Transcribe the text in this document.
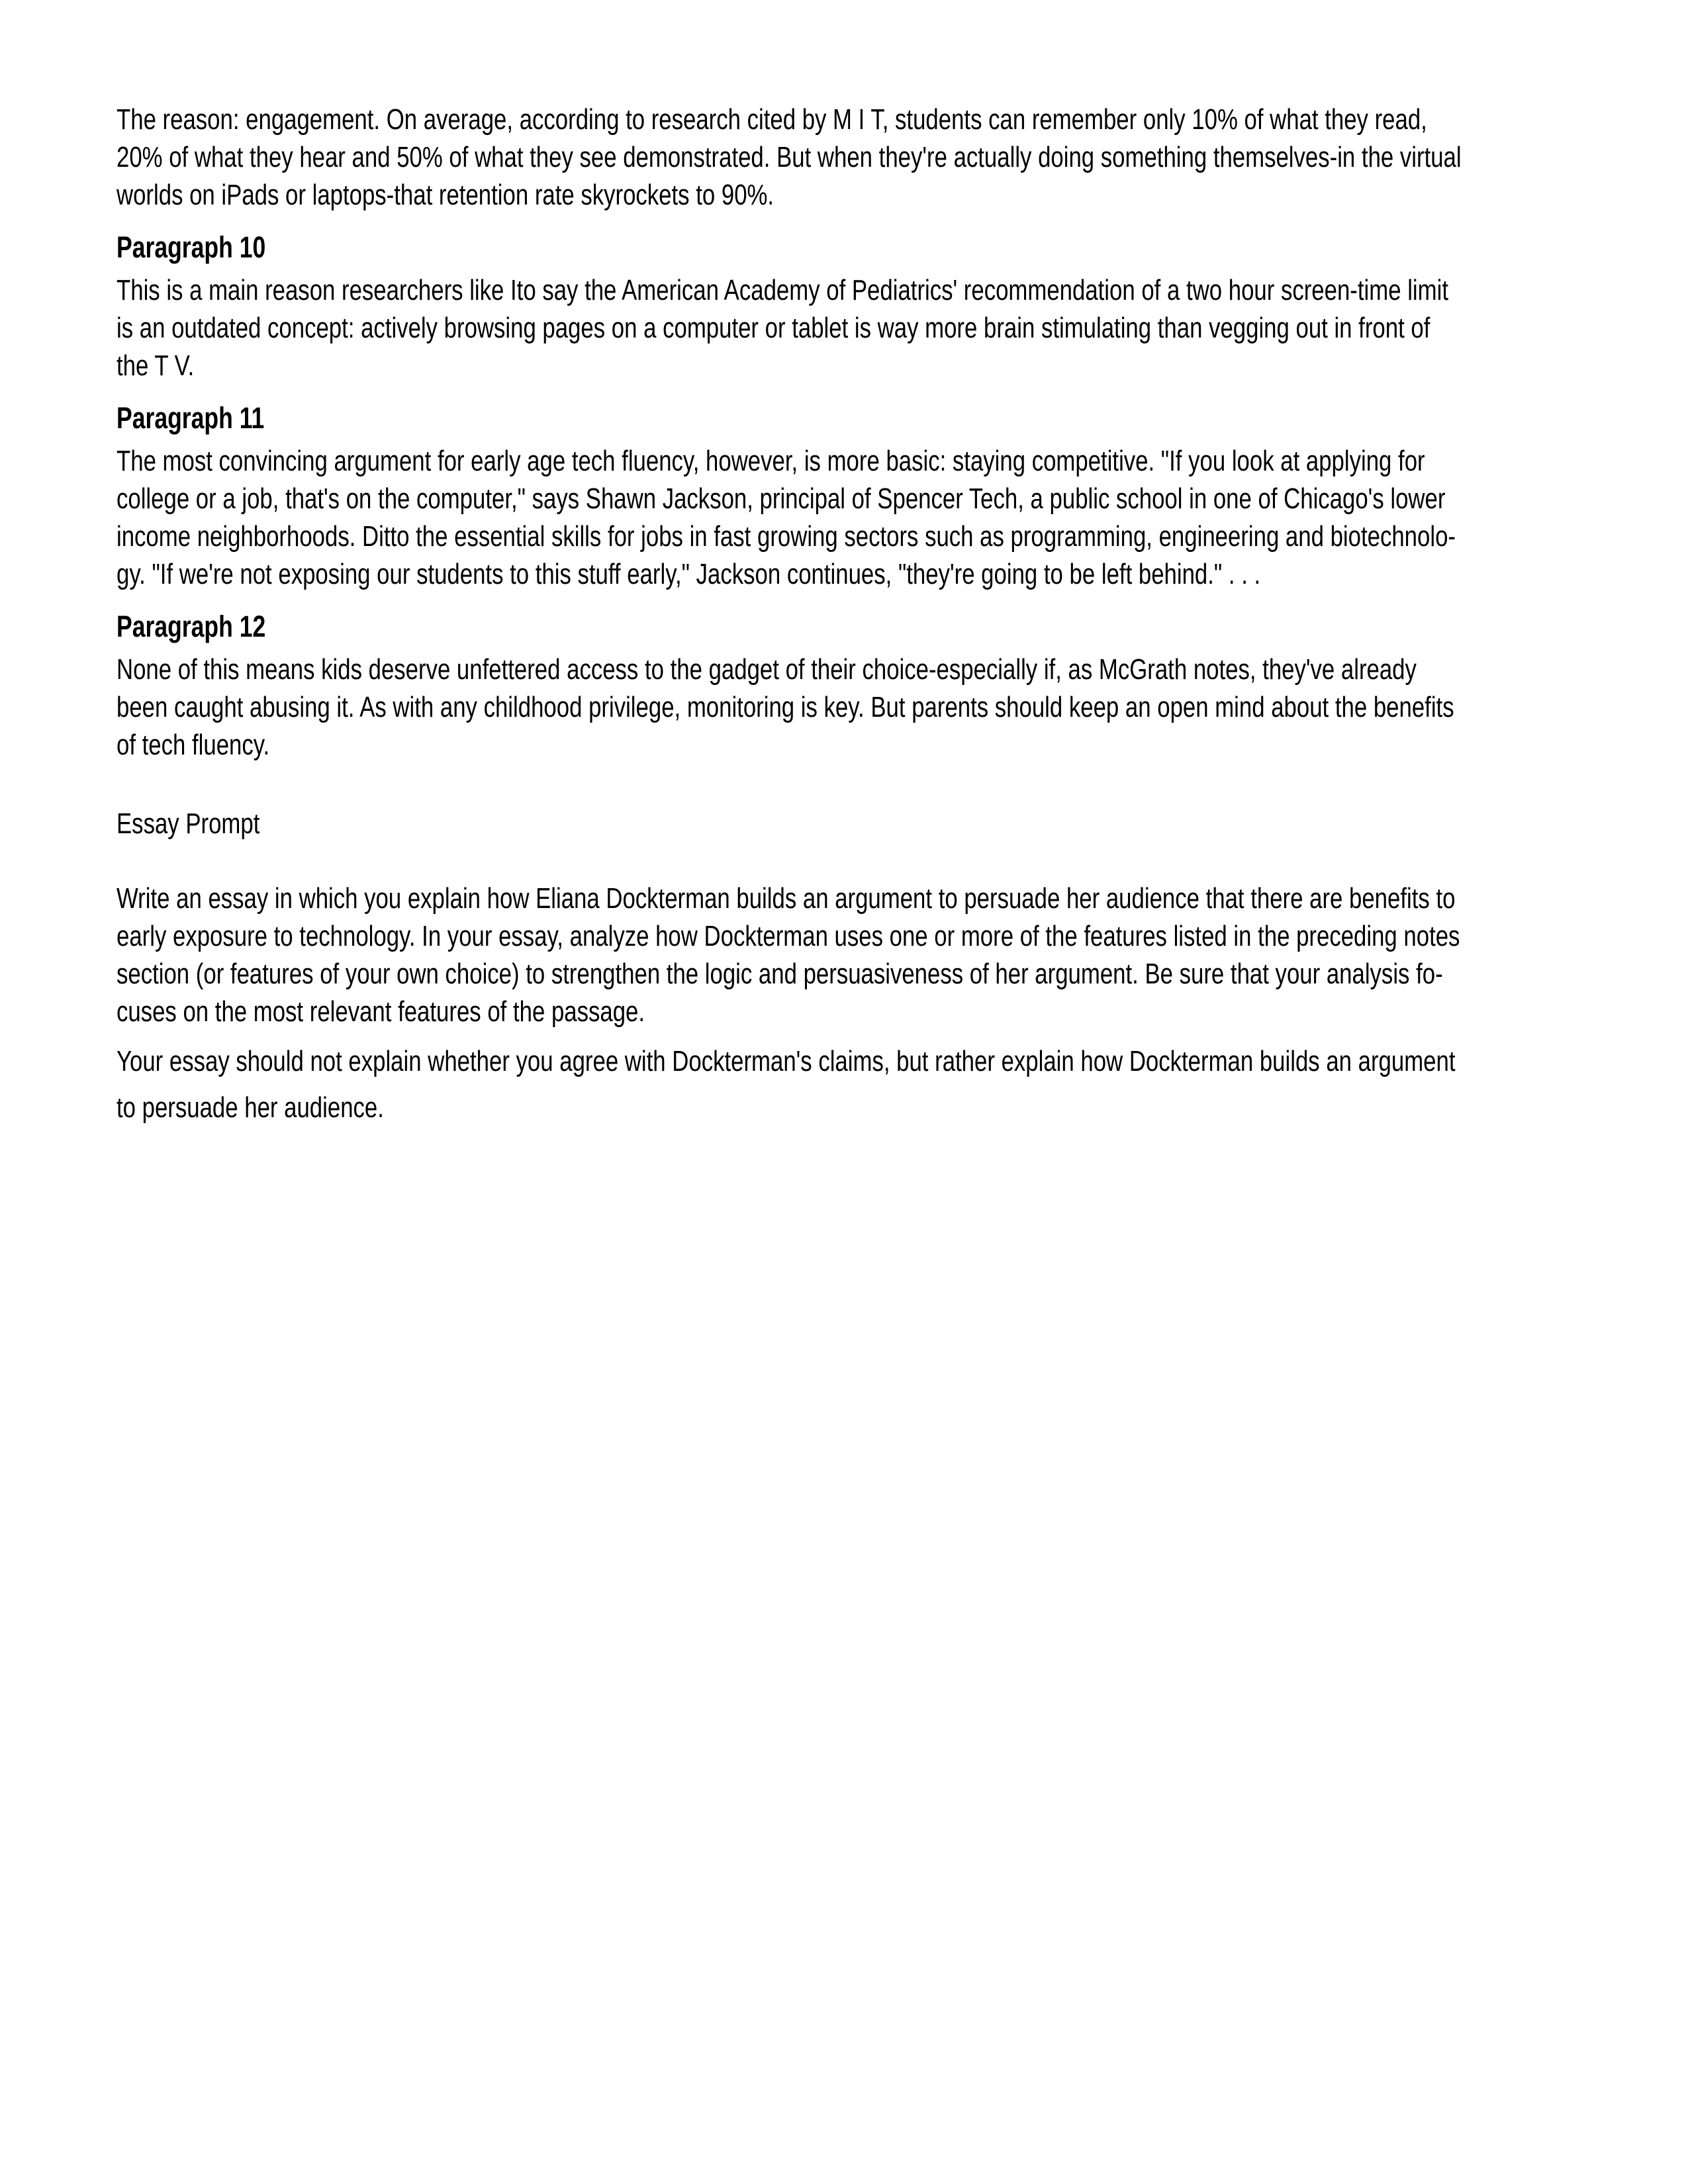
The reason: engagement. On average, according to research cited by M I T, students can remember only 10% of what they read,
20% of what they hear and 50% of what they see demonstrated. But when they're actually doing something themselves-in the virtual
worlds on iPads or laptops-that retention rate skyrockets to 90%.
Paragraph 10
This is a main reason researchers like Ito say the American Academy of Pediatrics' recommendation of a two hour screen-time limit
is an outdated concept: actively browsing pages on a computer or tablet is way more brain stimulating than vegging out in front of
the T V.
Paragraph 11
The most convincing argument for early age tech fluency, however, is more basic: staying competitive. "If you look at applying for
college or a job, that's on the computer," says Shawn Jackson, principal of Spencer Tech, a public school in one of Chicago's lower
income neighborhoods. Ditto the essential skills for jobs in fast growing sectors such as programming, engineering and biotechnolo-
gy. "If we're not exposing our students to this stuff early," Jackson continues, "they're going to be left behind." . . .
Paragraph 12
None of this means kids deserve unfettered access to the gadget of their choice-especially if, as McGrath notes, they've already
been caught abusing it. As with any childhood privilege, monitoring is key. But parents should keep an open mind about the benefits
of tech fluency.
Essay Prompt
Write an essay in which you explain how Eliana Dockterman builds an argument to persuade her audience that there are benefits to
early exposure to technology. In your essay, analyze how Dockterman uses one or more of the features listed in the preceding notes
section (or features of your own choice) to strengthen the logic and persuasiveness of her argument. Be sure that your analysis fo-
cuses on the most relevant features of the passage.
Your essay should not explain whether you agree with Dockterman's claims, but rather explain how Dockterman builds an argument
to persuade her audience.
